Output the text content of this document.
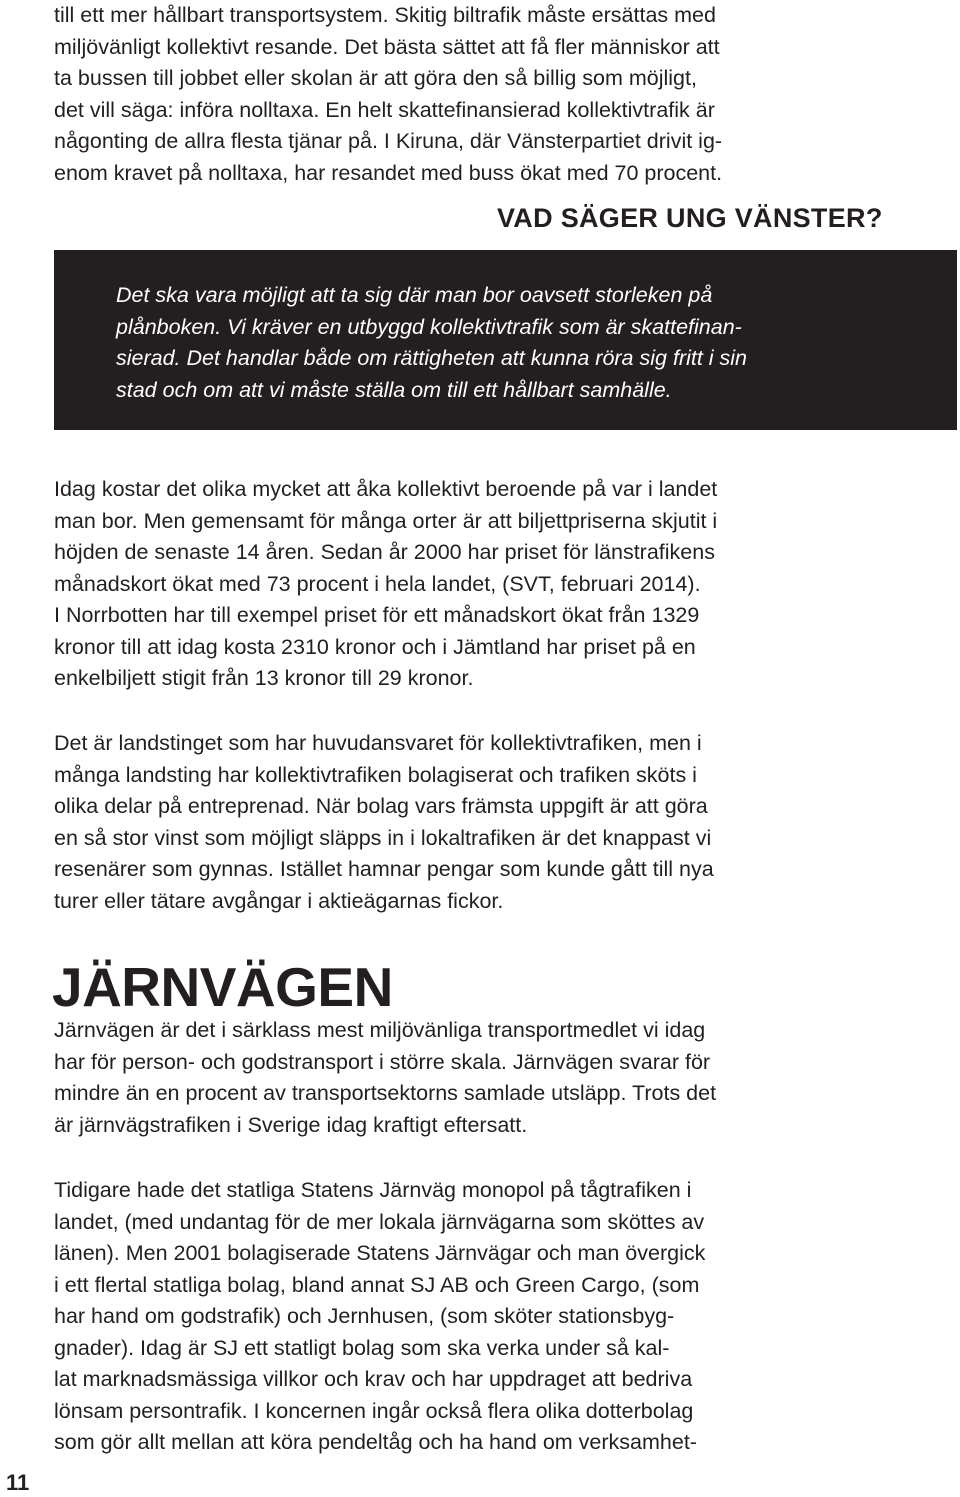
till ett mer hållbart transportsystem. Skitig biltrafik måste ersättas med
miljövänligt kollektivt resande. Det bästa sättet att få fler människor att
ta bussen till jobbet eller skolan är att göra den så billig som möjligt,
det vill säga: införa nolltaxa. En helt skattefinansierad kollektivtrafik är
någonting de allra flesta tjänar på. I Kiruna, där Vänsterpartiet drivit ig-
enom kravet på nolltaxa, har resandet med buss ökat med 70 procent.
VAD SÄGER UNG VÄNSTER?
Det ska vara möjligt att ta sig där man bor oavsett storleken på
plånboken. Vi kräver en utbyggd kollektivtrafik som är skattefinan-
sierad. Det handlar både om rättigheten att kunna röra sig fritt i sin
stad och om att vi måste ställa om till ett hållbart samhälle.
Idag kostar det olika mycket att åka kollektivt beroende på var i landet
man bor. Men gemensamt för många orter är att biljettpriserna skjutit i
höjden de senaste 14 åren. Sedan år 2000 har priset för länstrafikens
månadskort ökat med 73 procent i hela landet, (SVT, februari 2014).
I Norrbotten har till exempel priset för ett månadskort ökat från 1329
kronor till att idag kosta 2310 kronor och i Jämtland har priset på en
enkelbiljett stigit från 13 kronor till 29 kronor.
Det är landstinget som har huvudansvaret för kollektivtrafiken, men i
många landsting har kollektivtrafiken bolagiserat och trafiken sköts i
olika delar på entreprenad. När bolag vars främsta uppgift är att göra
en så stor vinst som möjligt släpps in i lokaltrafiken är det knappast vi
resenärer som gynnas. Istället hamnar pengar som kunde gått till nya
turer eller tätare avgångar i aktieägarnas fickor.
JÄRNVÄGEN
Järnvägen är det i särklass mest miljövänliga transportmedlet vi idag
har för person- och godstransport i större skala. Järnvägen svarar för
mindre än en procent av transportsektorns samlade utsläpp. Trots det
är järnvägstrafiken i Sverige idag kraftigt eftersatt.
Tidigare hade det statliga Statens Järnväg monopol på tågtrafiken i
landet, (med undantag för de mer lokala järnvägarna som sköttes av
länen). Men 2001 bolagiserade Statens Järnvägar och man övergick
i ett flertal statliga bolag, bland annat SJ AB och Green Cargo, (som
har hand om godstrafik) och Jernhusen, (som sköter stationsbyg-
gnader). Idag är SJ ett statligt bolag som ska verka under så kal-
lat marknadsmässiga villkor och krav och har uppdraget att bedriva
lönsam persontrafik. I koncernen ingår också flera olika dotterbolag
som gör allt mellan att köra pendeltåg och ha hand om verksamhet-
11
